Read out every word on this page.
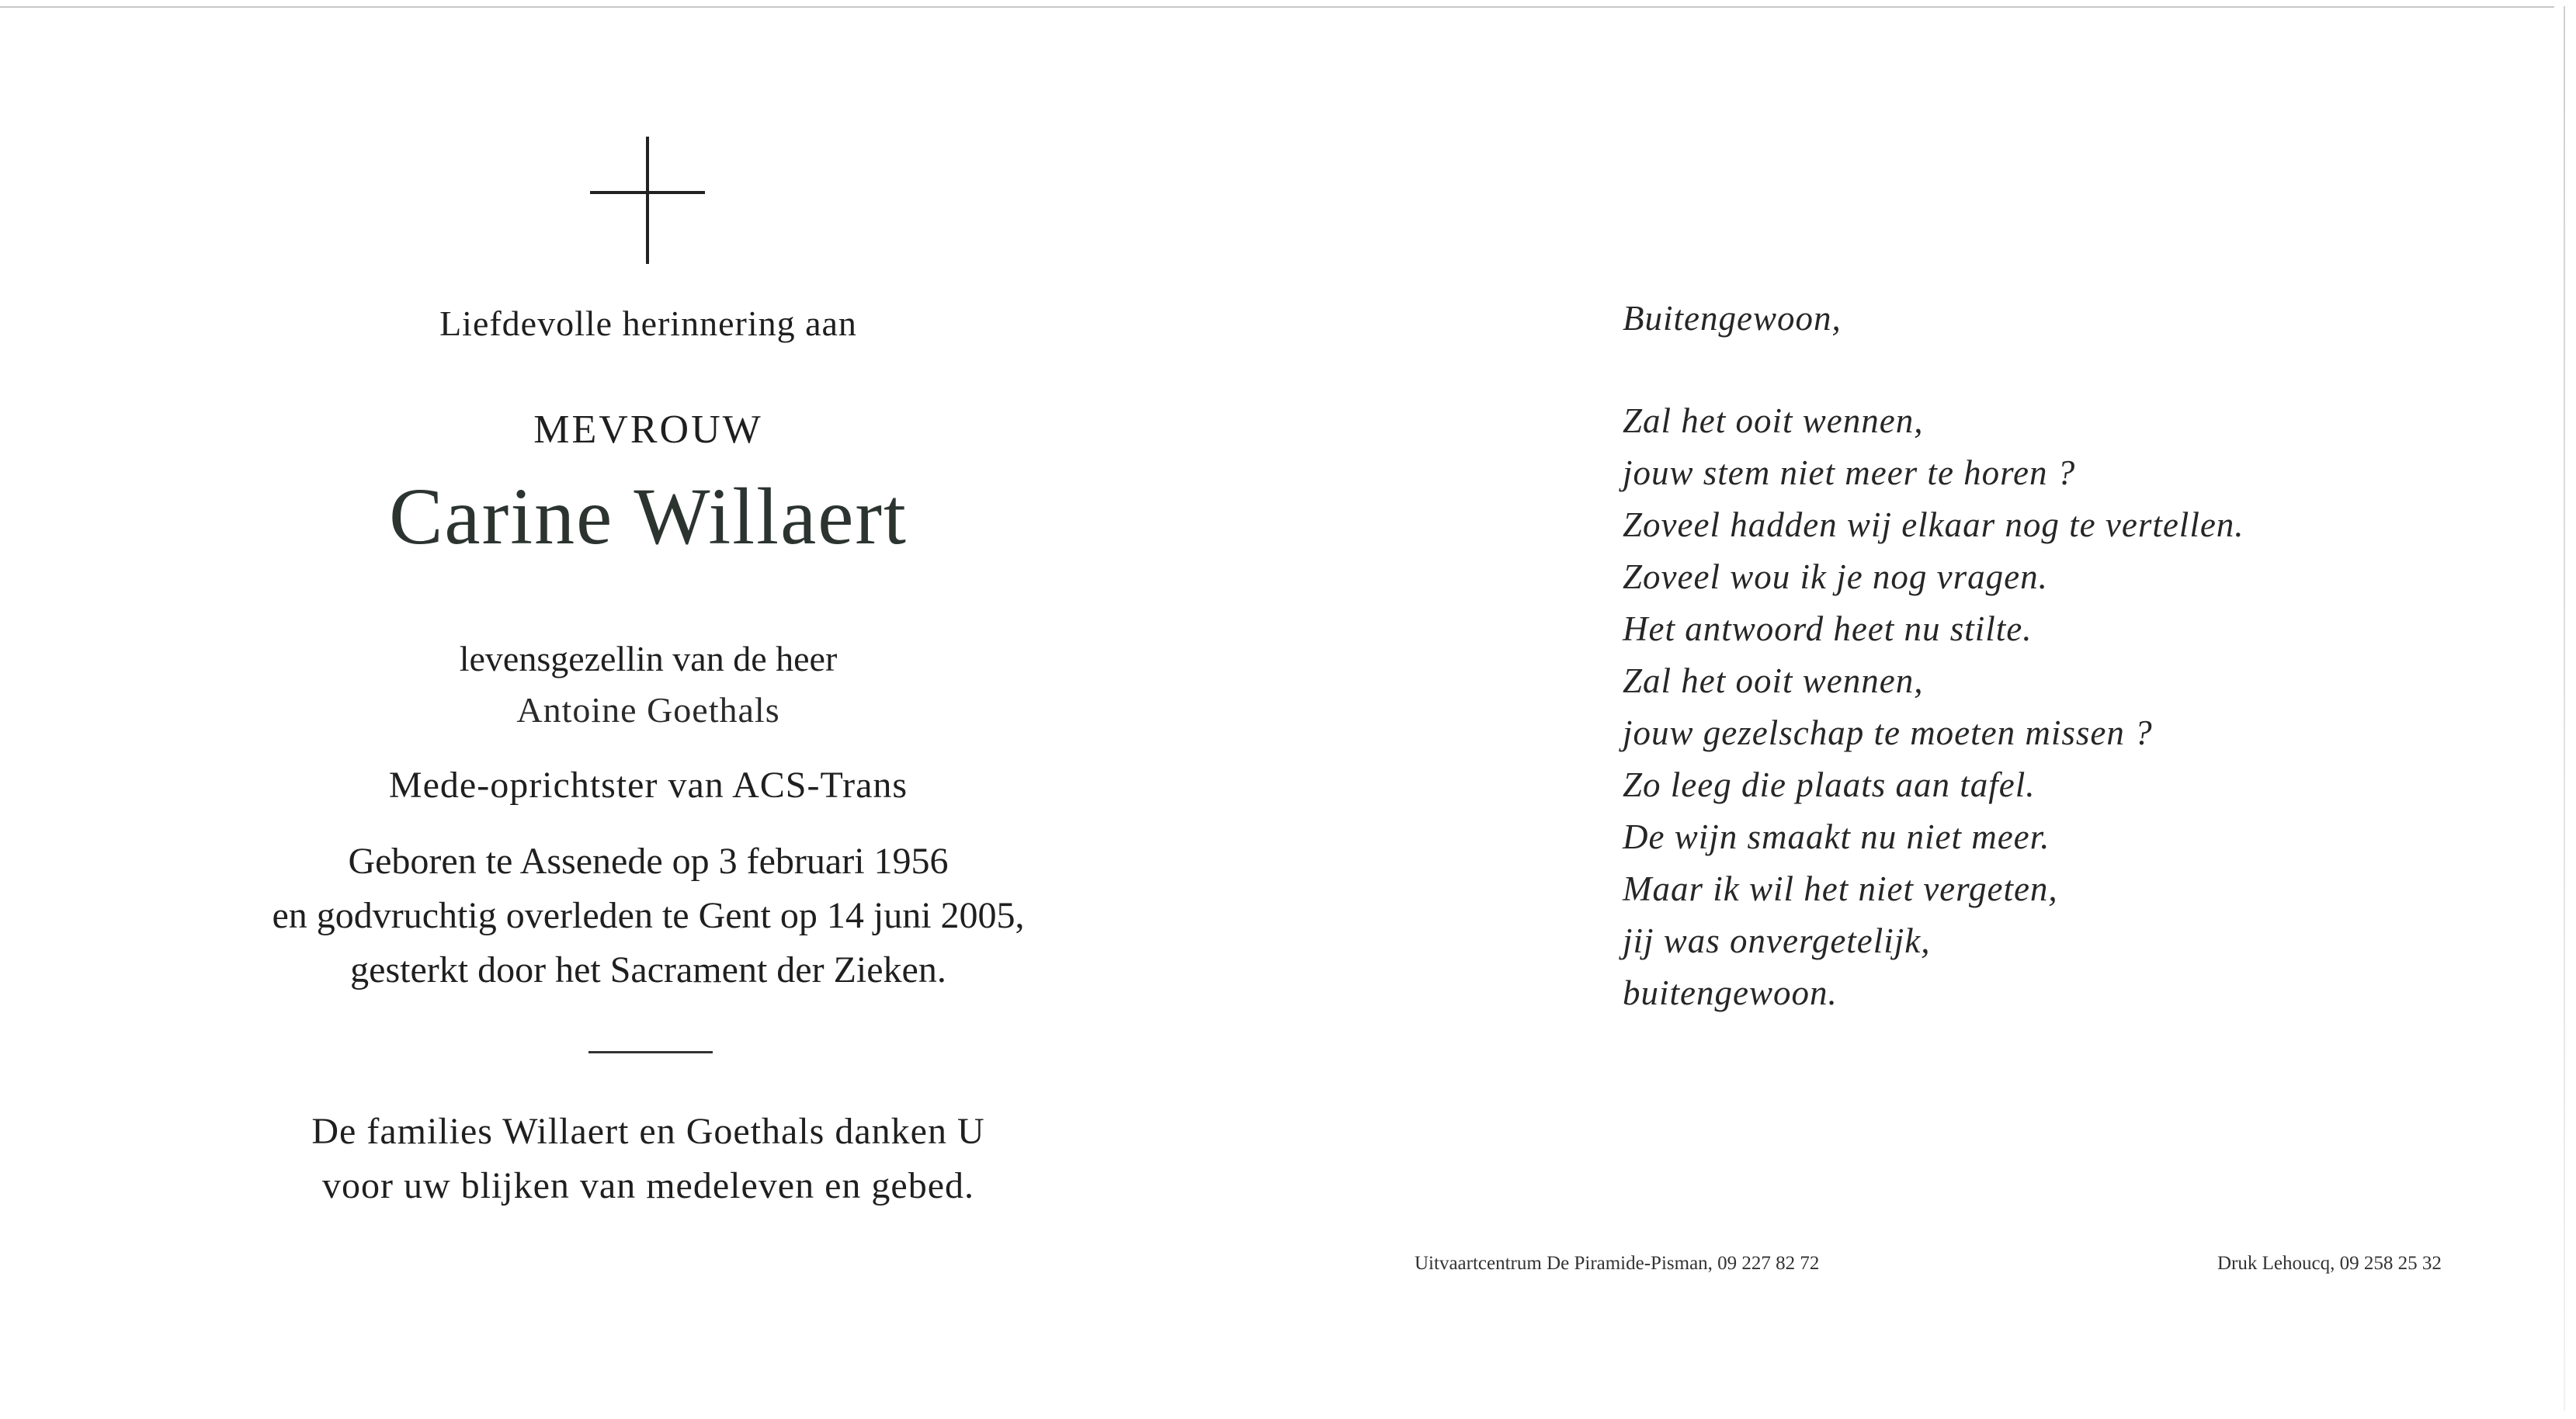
Liefdevolle herinnering aan
MEVROUW
Carine Willaert
levensgezellin van de heer
Antoine Goethals
Mede-oprichtster van ACS-Trans
Geboren te Assenede op 3 februari 1956
en godvruchtig overleden te Gent op 14 juni 2005,
gesterkt door het Sacrament der Zieken.
De families Willaert en Goethals danken U
voor uw blijken van medeleven en gebed.
Buitengewoon,
Zal het ooit wennen,
jouw stem niet meer te horen ?
Zoveel hadden wij elkaar nog te vertellen.
Zoveel wou ik je nog vragen.
Het antwoord heet nu stilte.
Zal het ooit wennen,
jouw gezelschap te moeten missen ?
Zo leeg die plaats aan tafel.
De wijn smaakt nu niet meer.
Maar ik wil het niet vergeten,
jij was onvergetelijk,
buitengewoon.
Uitvaartcentrum De Piramide-Pisman, 09 227 82 72	Druk Lehoucq, 09 258 25 32
